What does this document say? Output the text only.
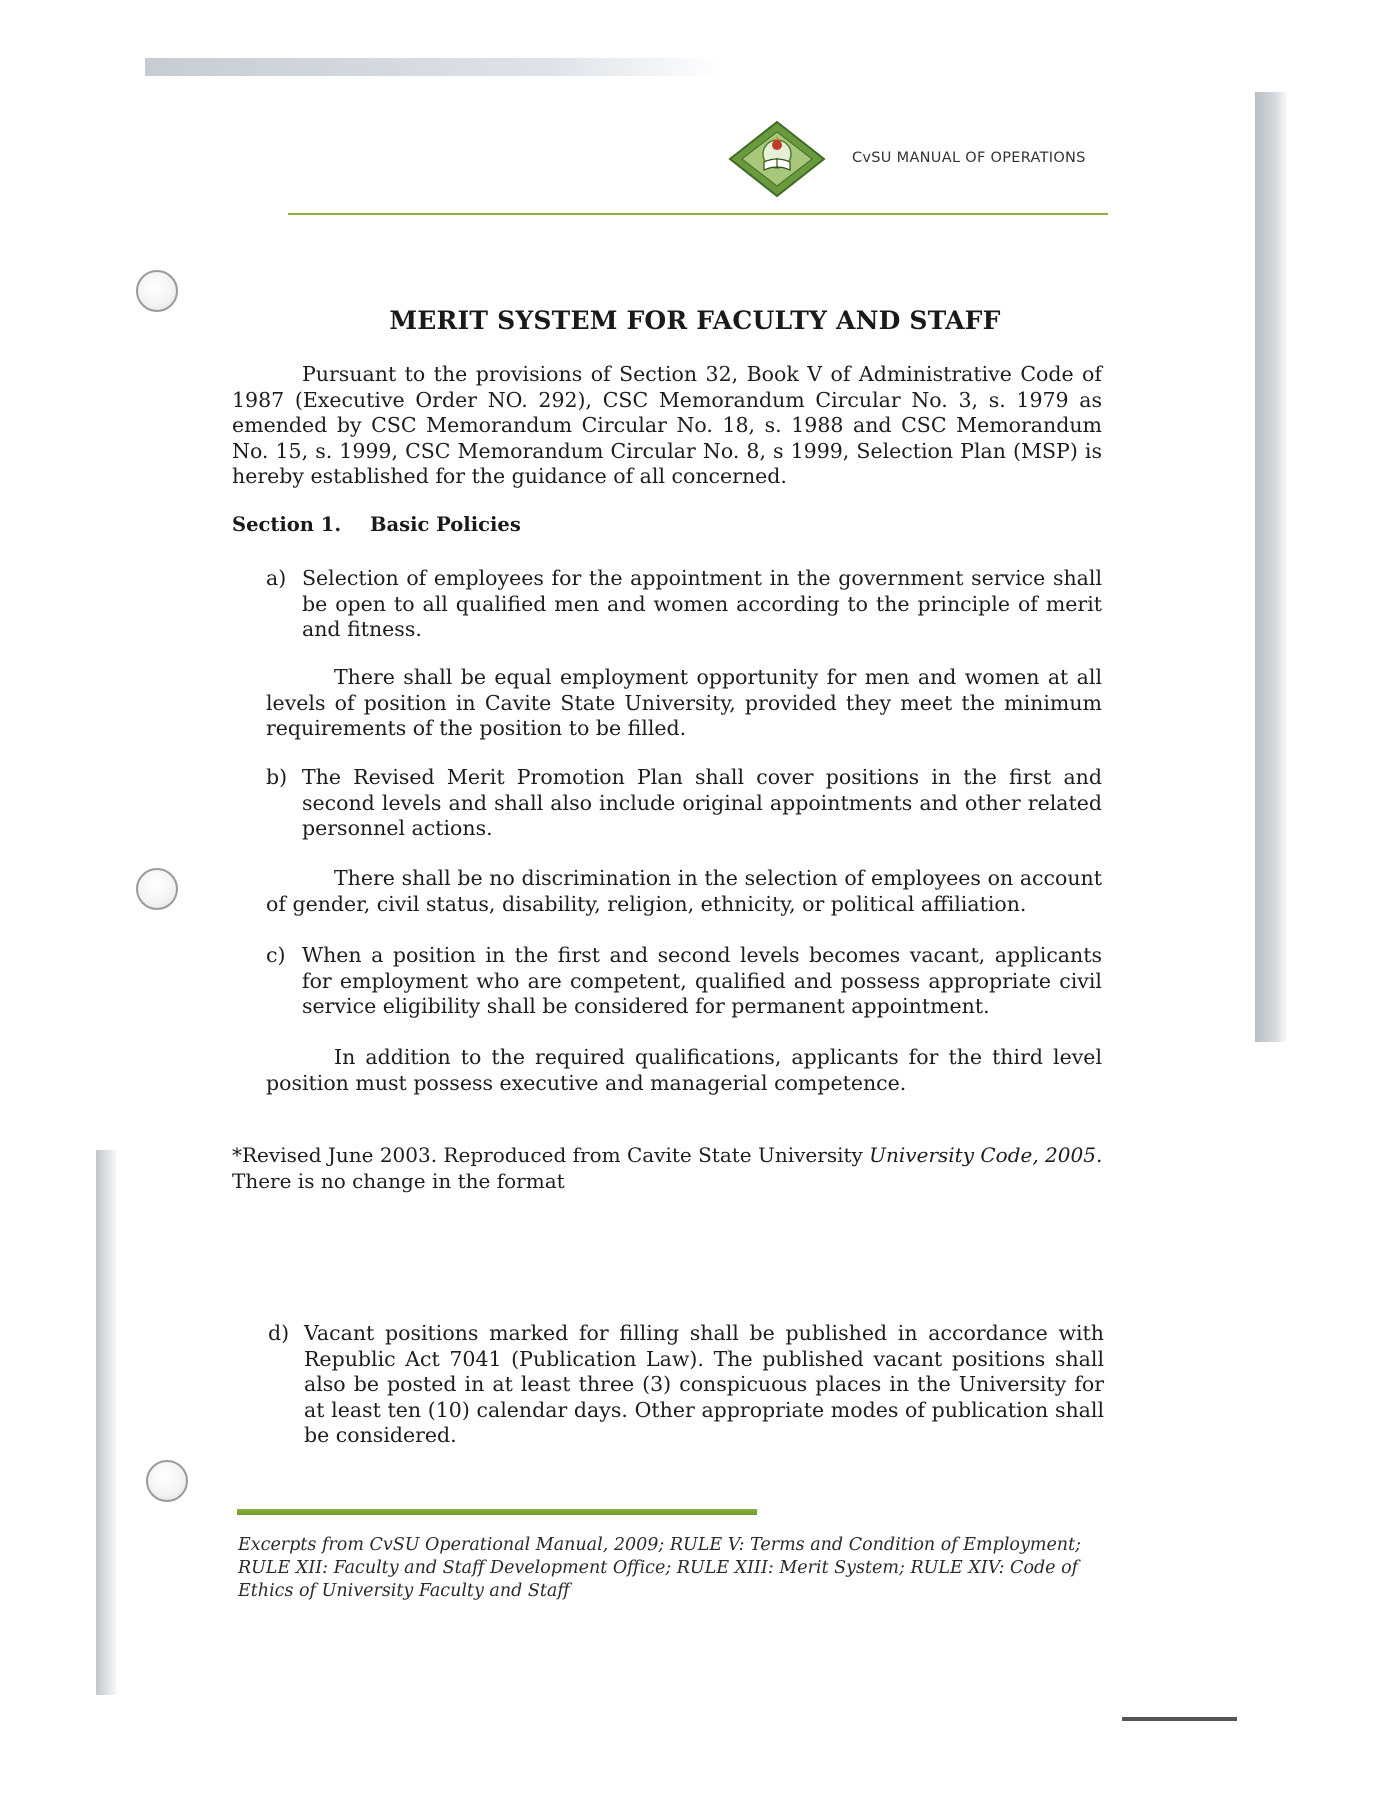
CvSU MANUAL OF OPERATIONS
MERIT SYSTEM FOR FACULTY AND STAFF
Pursuant to the provisions of Section 32, Book V of Administrative Code of 1987 (Executive Order NO. 292), CSC Memorandum Circular No. 3, s. 1979 as emended by CSC Memorandum Circular No. 18, s. 1988 and CSC Memorandum No. 15, s. 1999, CSC Memorandum Circular No. 8, s 1999, Selection Plan (MSP) is hereby established for the guidance of all concerned.
Section 1. Basic Policies
a) Selection of employees for the appointment in the government service shall be open to all qualified men and women according to the principle of merit and fitness.
There shall be equal employment opportunity for men and women at all levels of position in Cavite State University, provided they meet the minimum requirements of the position to be filled.
b) The Revised Merit Promotion Plan shall cover positions in the first and second levels and shall also include original appointments and other related personnel actions.
There shall be no discrimination in the selection of employees on account of gender, civil status, disability, religion, ethnicity, or political affiliation.
c) When a position in the first and second levels becomes vacant, applicants for employment who are competent, qualified and possess appropriate civil service eligibility shall be considered for permanent appointment.
In addition to the required qualifications, applicants for the third level position must possess executive and managerial competence.
*Revised June 2003. Reproduced from Cavite State University University Code, 2005.
There is no change in the format
d) Vacant positions marked for filling shall be published in accordance with Republic Act 7041 (Publication Law). The published vacant positions shall also be posted in at least three (3) conspicuous places in the University for at least ten (10) calendar days. Other appropriate modes of publication shall be considered.
Excerpts from CvSU Operational Manual, 2009; RULE V: Terms and Condition of Employment; RULE XII: Faculty and Staff Development Office; RULE XIII: Merit System; RULE XIV: Code of Ethics of University Faculty and Staff
